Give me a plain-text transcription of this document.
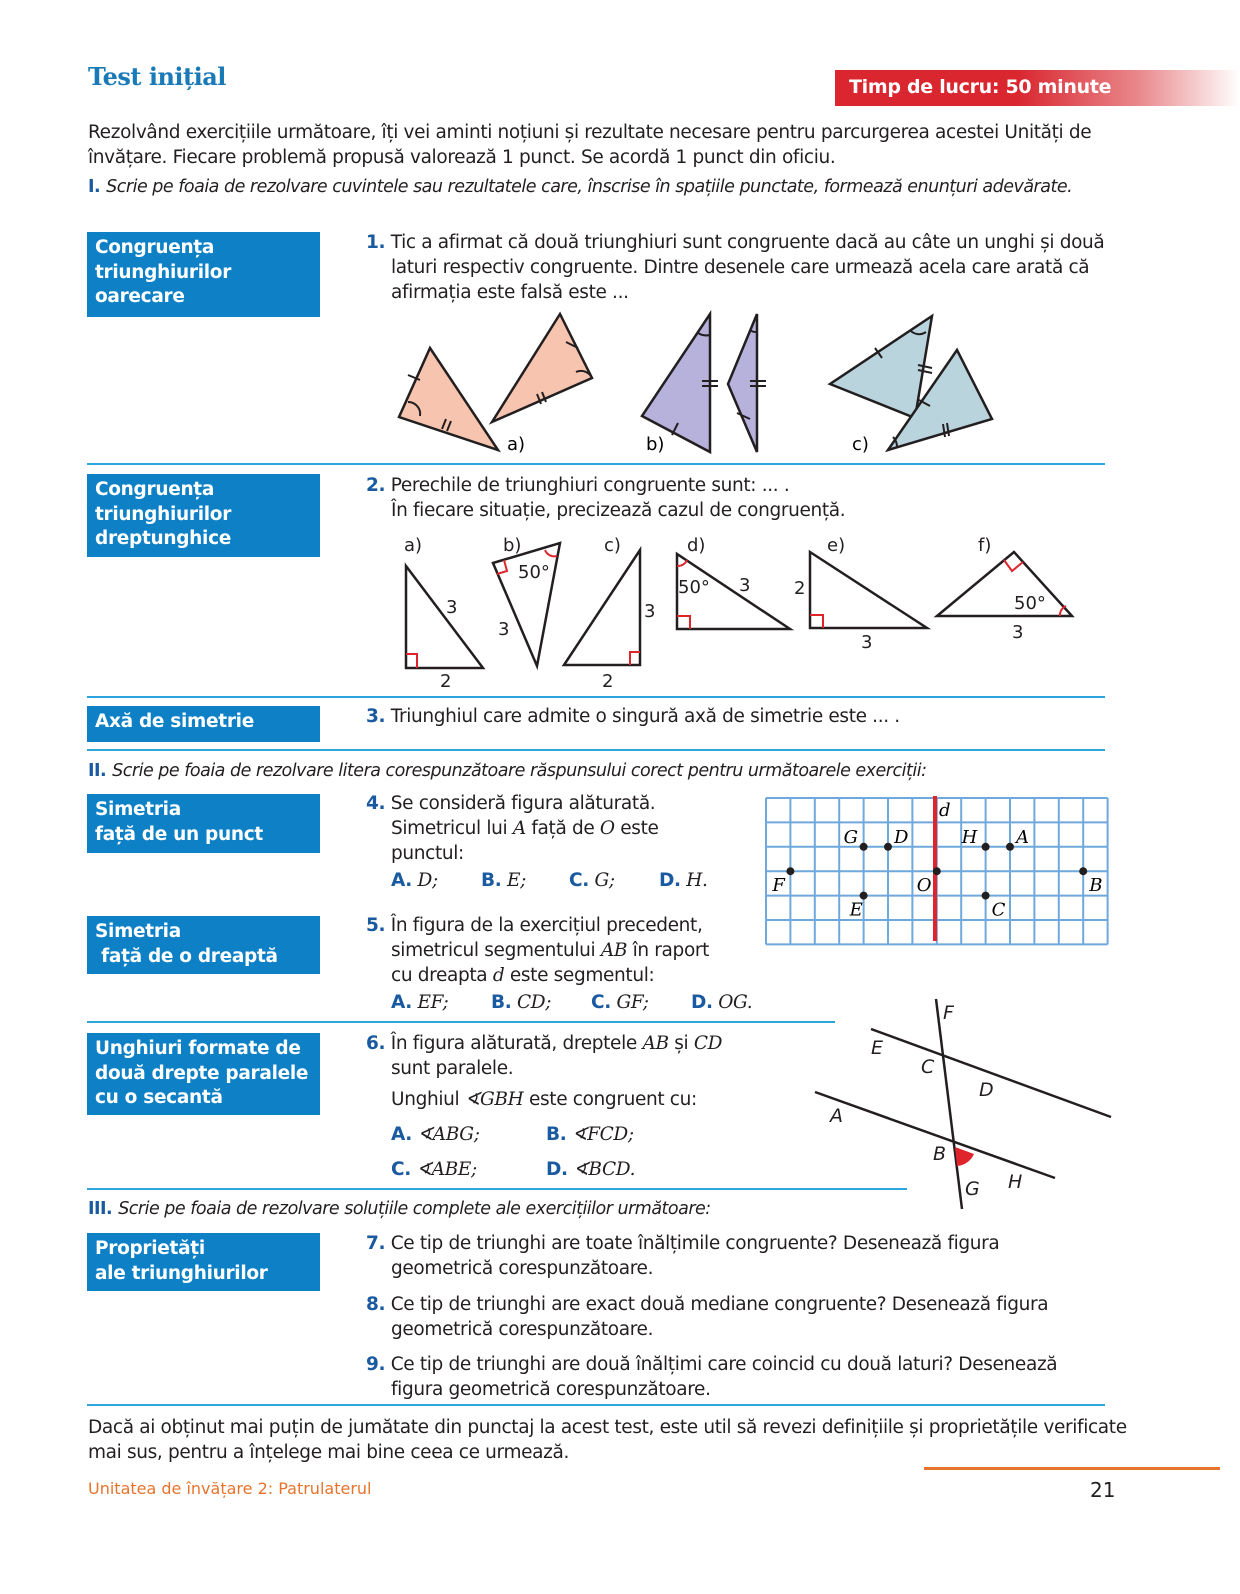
Test inițial	Timp de lucru: 50 minute
Rezolvând exercițiile următoare, îți vei aminti noțiuni și rezultate necesare pentru parcurgerea acestei Unități de învățare. Fiecare problemă propusă valorează 1 punct. Se acordă 1 punct din oficiu.
I. Scrie pe foaia de rezolvare cuvintele sau rezultatele care, înscrise în spațiile punctate, formează enunțuri adevărate.
Congruența
triunghiurilor
oarecare
1. Tic a afirmat că două triunghiuri sunt congruente dacă au câte un unghi și două laturi respectiv congruente. Dintre desenele care urmează acela care arată că afirmația este falsă este ...
a)	b)	c)
Congruența
triunghiurilor
dreptunghice
2. Perechile de triunghiuri congruente sunt: ... .
În fiecare situație, precizează cazul de congruență.
a)	b)	c)	d)	e)	f)
3
2
50°
3
3
2
50° 3 2
3
50°
3
Axă de simetrie	3. Triunghiul care admite o singură axă de simetrie este ... .
II. Scrie pe foaia de rezolvare litera corespunzătoare răspunsului corect pentru următoarele exerciții:
Simetria
față de un punct
4. Se consideră figura alăturată.
Simetricul lui A față de O este
punctul:
A. D; B. E; C. G; D. H.
d
F
G D
E
O
H A
C
B
Simetria
față de o dreaptă
5. În figura de la exercițiul precedent,
simetricul segmentului AB în raport
cu dreapta d este segmentul:
A. EF; B. CD; C. GF; D. OG.
Unghiuri formate de
două drepte paralele
cu o secantă
6. În figura alăturată, dreptele AB și CD
sunt paralele.
Unghiul ∢GBH este congruent cu:
A. ∢ABG;	B. ∢FCD;
C. ∢ABE;	D. ∢BCD.
F
E
C
D
A
B
G H
III. Scrie pe foaia de rezolvare soluțiile complete ale exercițiilor următoare:
Proprietăți
ale triunghiurilor
7. Ce tip de triunghi are toate înălțimile congruente? Desenează figura geometrică corespunzătoare.
8. Ce tip de triunghi are exact două mediane congruente? Desenează figura geometrică corespunzătoare.
9. Ce tip de triunghi are două înălțimi care coincid cu două laturi? Desenează figura geometrică corespunzătoare.
Dacă ai obținut mai puțin de jumătate din punctaj la acest test, este util să revezi definițiile și proprietățile verificate mai sus, pentru a înțelege mai bine ceea ce urmează.
Unitatea de învățare 2: Patrulaterul	21
